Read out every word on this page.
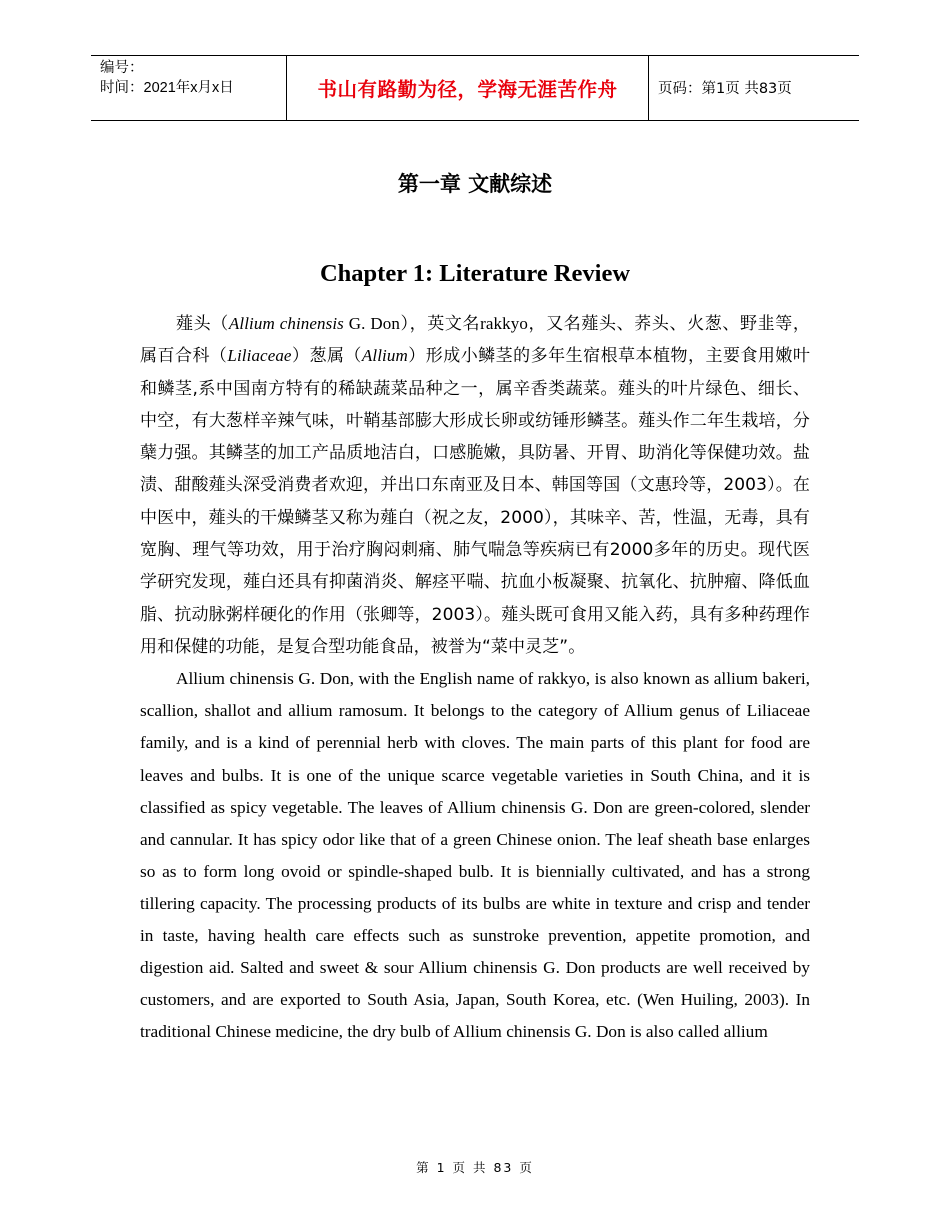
编号：
时间：2021年x月x日	书山有路勤为径，学海无涯苦作舟	页码：第1页 共83页
第一章 文献综述
Chapter 1: Literature Review

薤头（Allium chinensis G. Don），英文名rakkyo，又名薤头、荞头、火葱、野韭等，属百合科（Liliaceae）葱属（Allium）形成小鳞茎的多年生宿根草本植物，主要食用嫩叶和鳞茎,系中国南方特有的稀缺蔬菜品种之一，属辛香类蔬菜。薤头的叶片绿色、细长、中空，有大葱样辛辣气味，叶鞘基部膨大形成长卵或纺锤形鳞茎。薤头作二年生栽培，分蘖力强。其鳞茎的加工产品质地洁白，口感脆嫩，具防暑、开胃、助消化等保健功效。盐渍、甜酸薤头深受消费者欢迎，并出口东南亚及日本、韩国等国（文惠玲等，2003）。在中医中，薤头的干燥鳞茎又称为薤白（祝之友，2000），其味辛、苦，性温，无毒，具有宽胸、理气等功效，用于治疗胸闷刺痛、肺气喘急等疾病已有2000多年的历史。现代医学研究发现，薤白还具有抑菌消炎、解痉平喘、抗血小板凝聚、抗氧化、抗肿瘤、降低血脂、抗动脉粥样硬化的作用（张卿等，2003）。薤头既可食用又能入药，具有多种药理作用和保健的功能，是复合型功能食品，被誉为“菜中灵芝”。

Allium chinensis G. Don, with the English name of rakkyo, is also known as allium bakeri, scallion, shallot and allium ramosum. It belongs to the category of Allium genus of Liliaceae family, and is a kind of perennial herb with cloves. The main parts of this plant for food are leaves and bulbs. It is one of the unique scarce vegetable varieties in South China, and it is classified as spicy vegetable. The leaves of Allium chinensis G. Don are green-colored, slender and cannular. It has spicy odor like that of a green Chinese onion. The leaf sheath base enlarges so as to form long ovoid or spindle-shaped bulb. It is biennially cultivated, and has a strong tillering capacity. The processing products of its bulbs are white in texture and crisp and tender in taste, having health care effects such as sunstroke prevention, appetite promotion, and digestion aid. Salted and sweet & sour Allium chinensis G. Don products are well received by customers, and are exported to South Asia, Japan, South Korea, etc. (Wen Huiling, 2003). In traditional Chinese medicine, the dry bulb of Allium chinensis G. Don is also called allium

第 1 页 共 83 页
